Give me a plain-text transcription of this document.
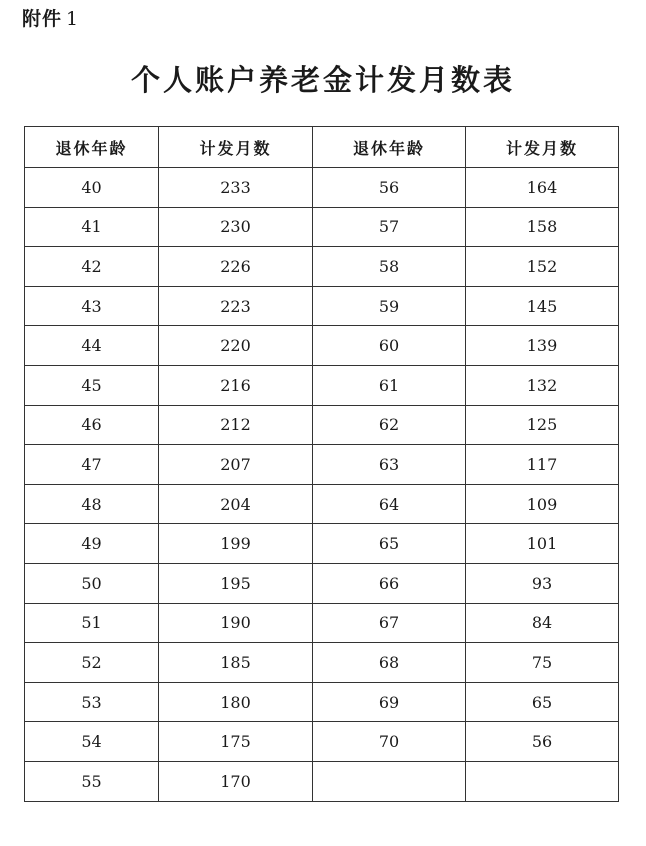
附件 1
个人账户养老金计发月数表
退休年龄	计发月数	退休年龄	计发月数
40	233	56	164
41	230	57	158
42	226	58	152
43	223	59	145
44	220	60	139
45	216	61	132
46	212	62	125
47	207	63	117
48	204	64	109
49	199	65	101
50	195	66	93
51	190	67	84
52	185	68	75
53	180	69	65
54	175	70	56
55	170		
